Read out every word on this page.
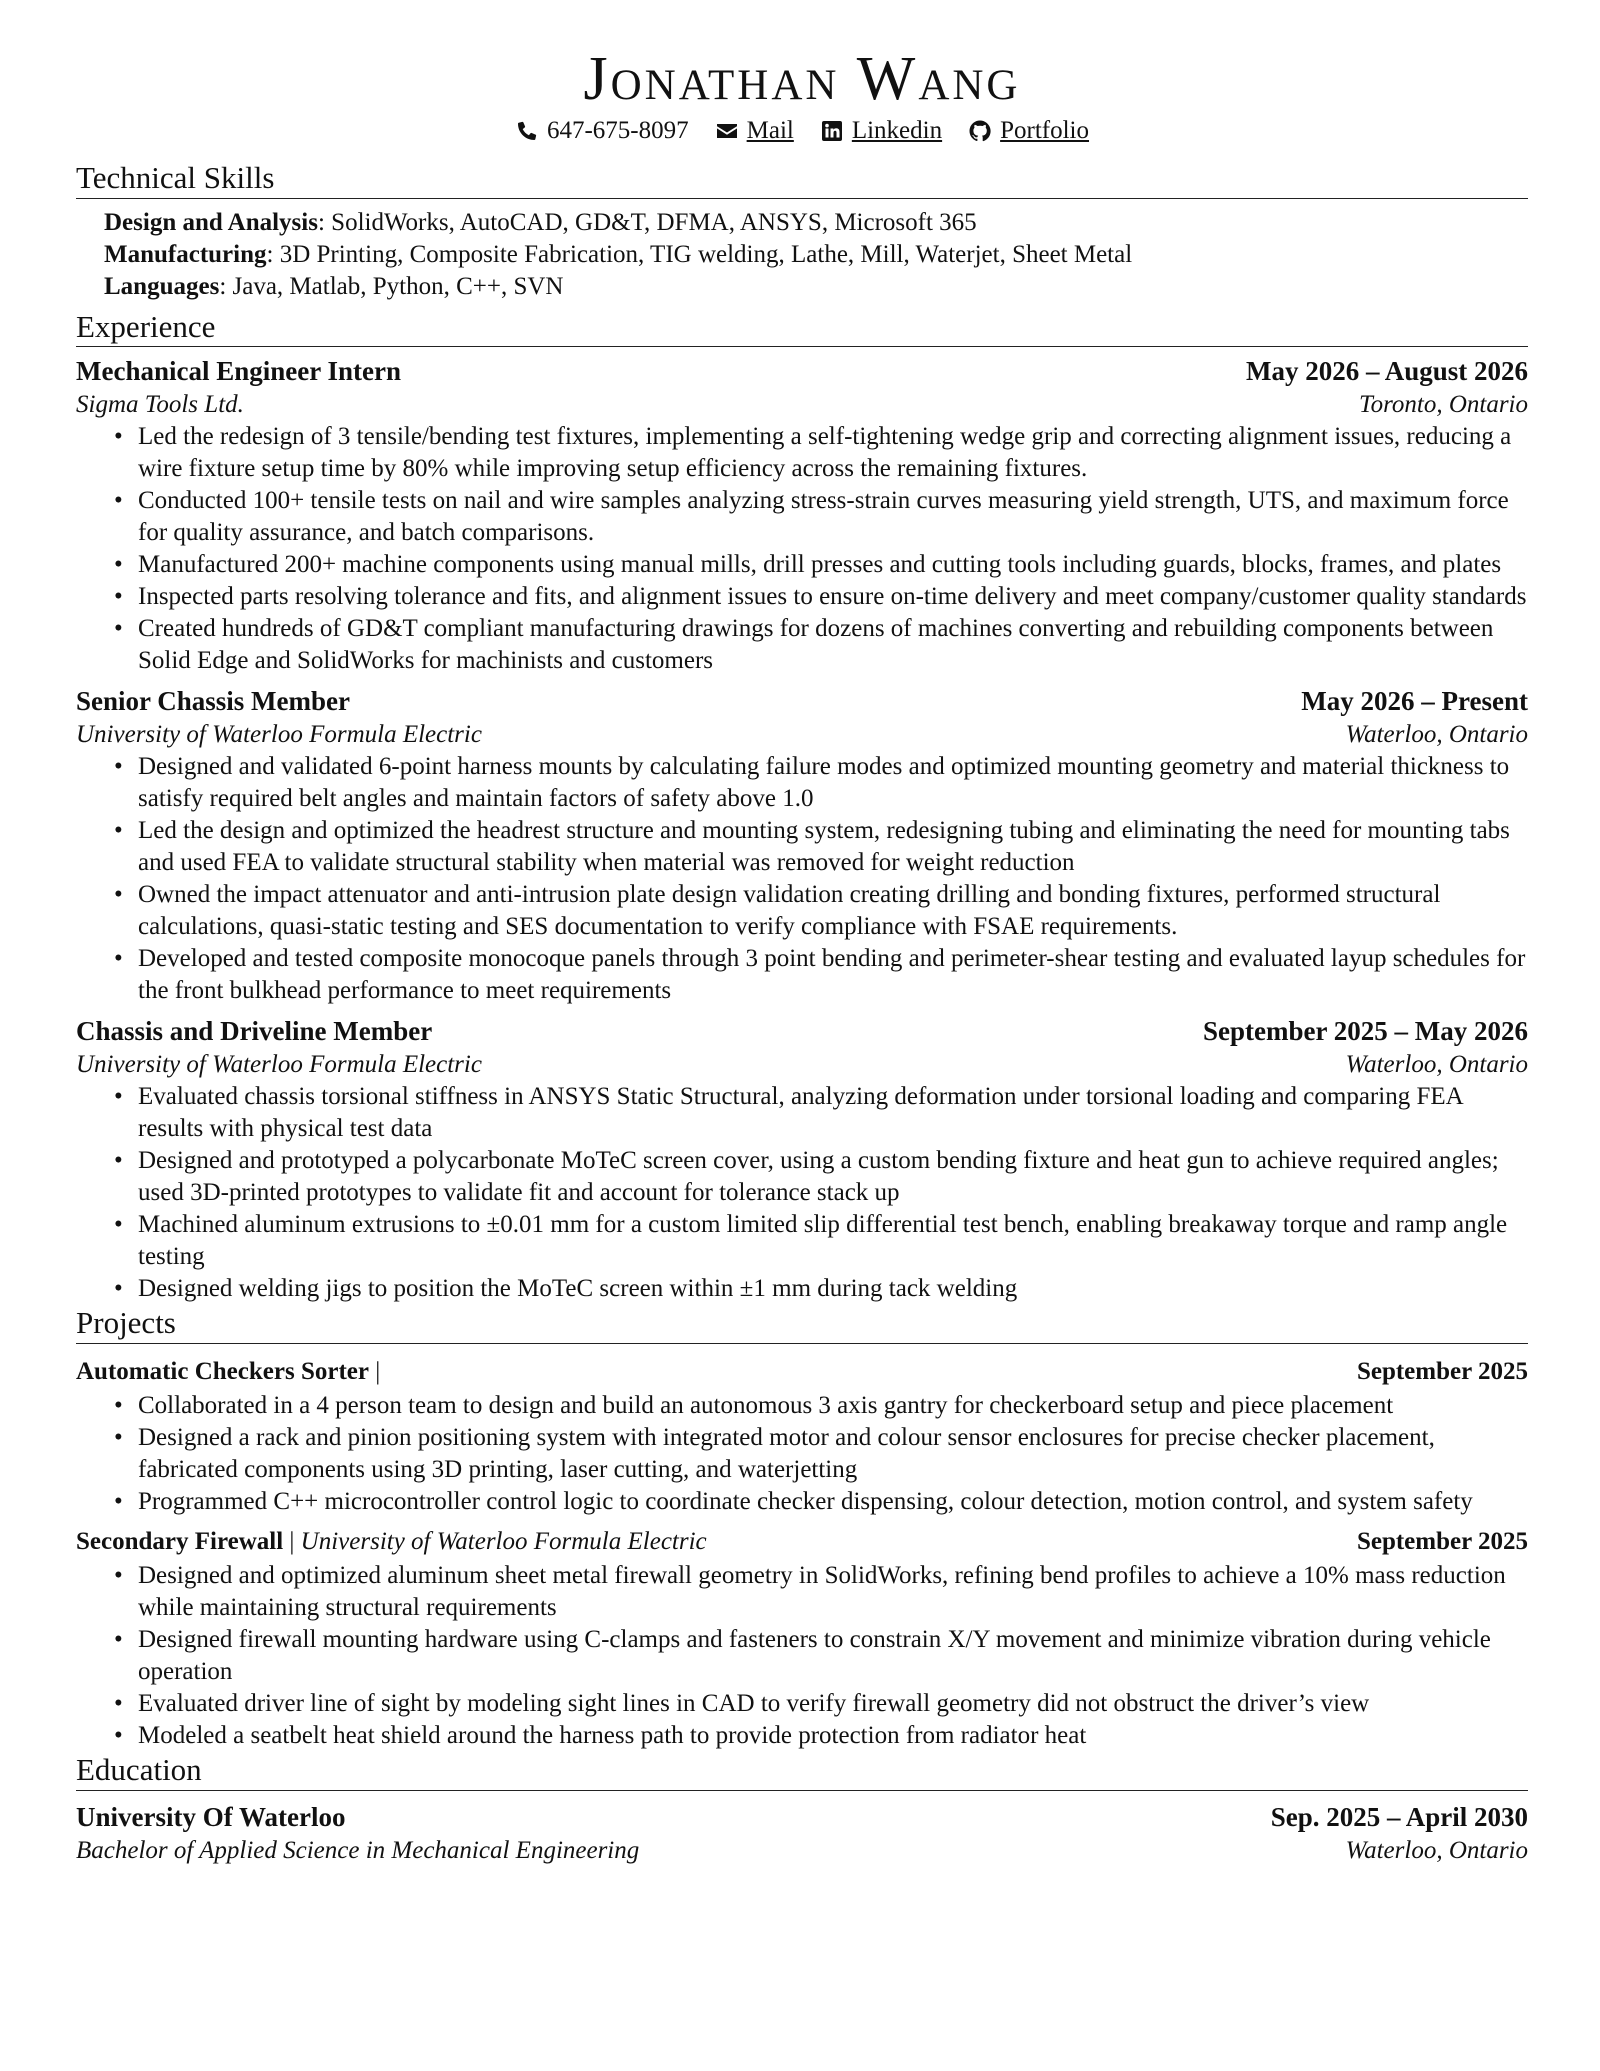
Jonathan Wang
647-675-8097 Mail Linkedin Portfolio
Technical Skills
Design and Analysis: SolidWorks, AutoCAD, GD&T, DFMA, ANSYS, Microsoft 365
Manufacturing: 3D Printing, Composite Fabrication, TIG welding, Lathe, Mill, Waterjet, Sheet Metal
Languages: Java, Matlab, Python, C++, SVN
Experience
Mechanical Engineer Intern	May 2026 – August 2026
Sigma Tools Ltd.	Toronto, Ontario
• Led the redesign of 3 tensile/bending test fixtures, implementing a self-tightening wedge grip and correcting alignment issues, reducing a wire fixture setup time by 80% while improving setup efficiency across the remaining fixtures.
• Conducted 100+ tensile tests on nail and wire samples analyzing stress-strain curves measuring yield strength, UTS, and maximum force for quality assurance, and batch comparisons.
• Manufactured 200+ machine components using manual mills, drill presses and cutting tools including guards, blocks, frames, and plates
• Inspected parts resolving tolerance and fits, and alignment issues to ensure on-time delivery and meet company/customer quality standards
• Created hundreds of GD&T compliant manufacturing drawings for dozens of machines converting and rebuilding components between Solid Edge and SolidWorks for machinists and customers
Senior Chassis Member	May 2026 – Present
University of Waterloo Formula Electric	Waterloo, Ontario
• Designed and validated 6-point harness mounts by calculating failure modes and optimized mounting geometry and material thickness to satisfy required belt angles and maintain factors of safety above 1.0
• Led the design and optimized the headrest structure and mounting system, redesigning tubing and eliminating the need for mounting tabs and used FEA to validate structural stability when material was removed for weight reduction
• Owned the impact attenuator and anti-intrusion plate design validation creating drilling and bonding fixtures, performed structural calculations, quasi-static testing and SES documentation to verify compliance with FSAE requirements.
• Developed and tested composite monocoque panels through 3 point bending and perimeter-shear testing and evaluated layup schedules for the front bulkhead performance to meet requirements
Chassis and Driveline Member	September 2025 – May 2026
University of Waterloo Formula Electric	Waterloo, Ontario
• Evaluated chassis torsional stiffness in ANSYS Static Structural, analyzing deformation under torsional loading and comparing FEA results with physical test data
• Designed and prototyped a polycarbonate MoTeC screen cover, using a custom bending fixture and heat gun to achieve required angles; used 3D-printed prototypes to validate fit and account for tolerance stack up
• Machined aluminum extrusions to ±0.01 mm for a custom limited slip differential test bench, enabling breakaway torque and ramp angle testing
• Designed welding jigs to position the MoTeC screen within ±1 mm during tack welding
Projects
Automatic Checkers Sorter |	September 2025
• Collaborated in a 4 person team to design and build an autonomous 3 axis gantry for checkerboard setup and piece placement
• Designed a rack and pinion positioning system with integrated motor and colour sensor enclosures for precise checker placement, fabricated components using 3D printing, laser cutting, and waterjetting
• Programmed C++ microcontroller control logic to coordinate checker dispensing, colour detection, motion control, and system safety
Secondary Firewall | University of Waterloo Formula Electric	September 2025
• Designed and optimized aluminum sheet metal firewall geometry in SolidWorks, refining bend profiles to achieve a 10% mass reduction while maintaining structural requirements
• Designed firewall mounting hardware using C-clamps and fasteners to constrain X/Y movement and minimize vibration during vehicle operation
• Evaluated driver line of sight by modeling sight lines in CAD to verify firewall geometry did not obstruct the driver’s view
• Modeled a seatbelt heat shield around the harness path to provide protection from radiator heat
Education
University Of Waterloo	Sep. 2025 – April 2030
Bachelor of Applied Science in Mechanical Engineering	Waterloo, Ontario
